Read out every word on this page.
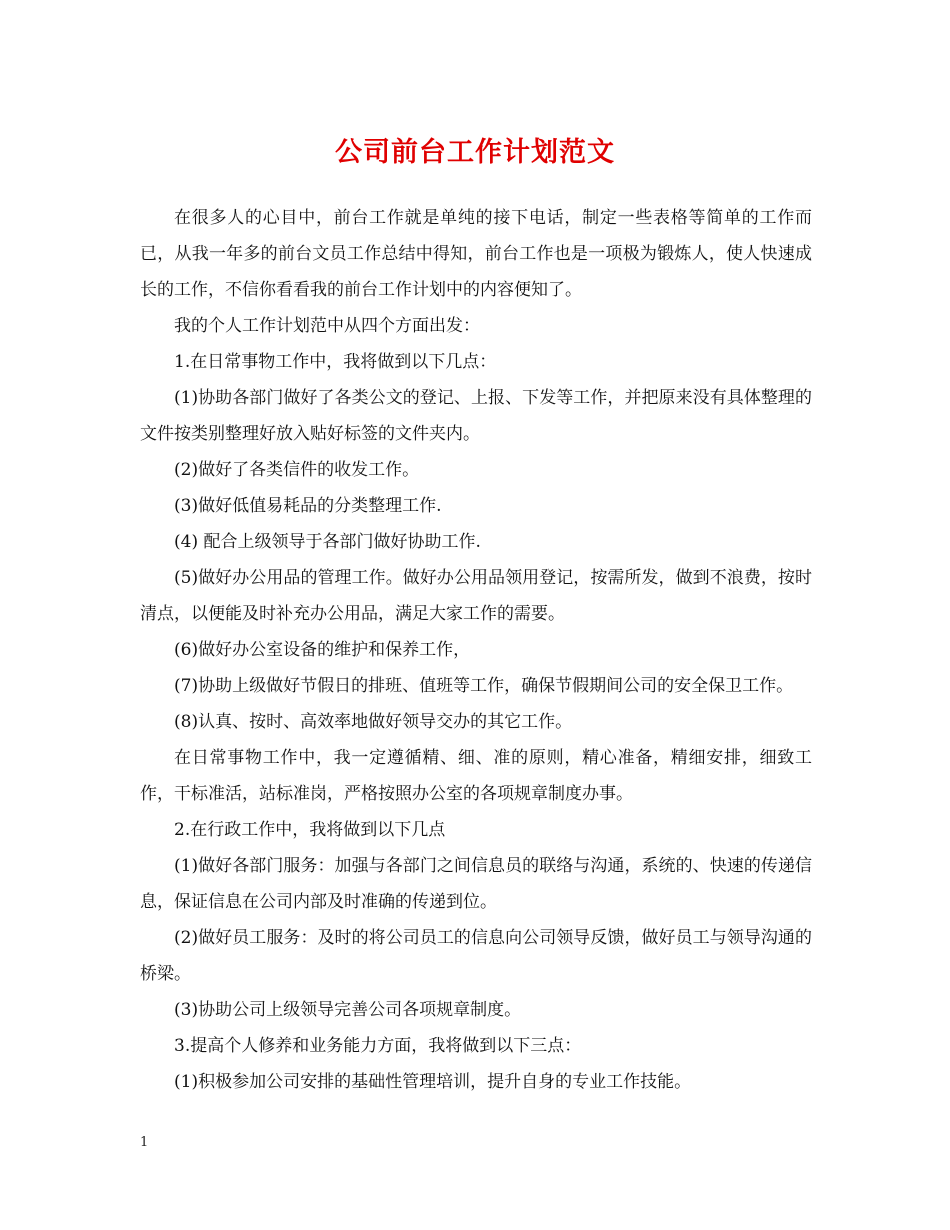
公司前台工作计划范文

在很多人的心目中，前台工作就是单纯的接下电话，制定一些表格等简单的工作而已，从我一年多的前台文员工作总结中得知，前台工作也是一项极为锻炼人，使人快速成长的工作，不信你看看我的前台工作计划中的内容便知了。

我的个人工作计划范中从四个方面出发：

1.在日常事物工作中，我将做到以下几点：

(1)协助各部门做好了各类公文的登记、上报、下发等工作，并把原来没有具体整理的文件按类别整理好放入贴好标签的文件夹内。

(2)做好了各类信件的收发工作。

(3)做好低值易耗品的分类整理工作.

(4) 配合上级领导于各部门做好协助工作.

(5)做好办公用品的管理工作。做好办公用品领用登记，按需所发，做到不浪费，按时清点，以便能及时补充办公用品，满足大家工作的需要。

(6)做好办公室设备的维护和保养工作，

(7)协助上级做好节假日的排班、值班等工作，确保节假期间公司的安全保卫工作。

(8)认真、按时、高效率地做好领导交办的其它工作。

在日常事物工作中，我一定遵循精、细、准的原则，精心准备，精细安排，细致工作，干标准活，站标准岗，严格按照办公室的各项规章制度办事。

2.在行政工作中，我将做到以下几点

(1)做好各部门服务：加强与各部门之间信息员的联络与沟通，系统的、快速的传递信息，保证信息在公司内部及时准确的传递到位。

(2)做好员工服务：及时的将公司员工的信息向公司领导反馈，做好员工与领导沟通的桥梁。

(3)协助公司上级领导完善公司各项规章制度。

3.提高个人修养和业务能力方面，我将做到以下三点：

(1)积极参加公司安排的基础性管理培训，提升自身的专业工作技能。

1
